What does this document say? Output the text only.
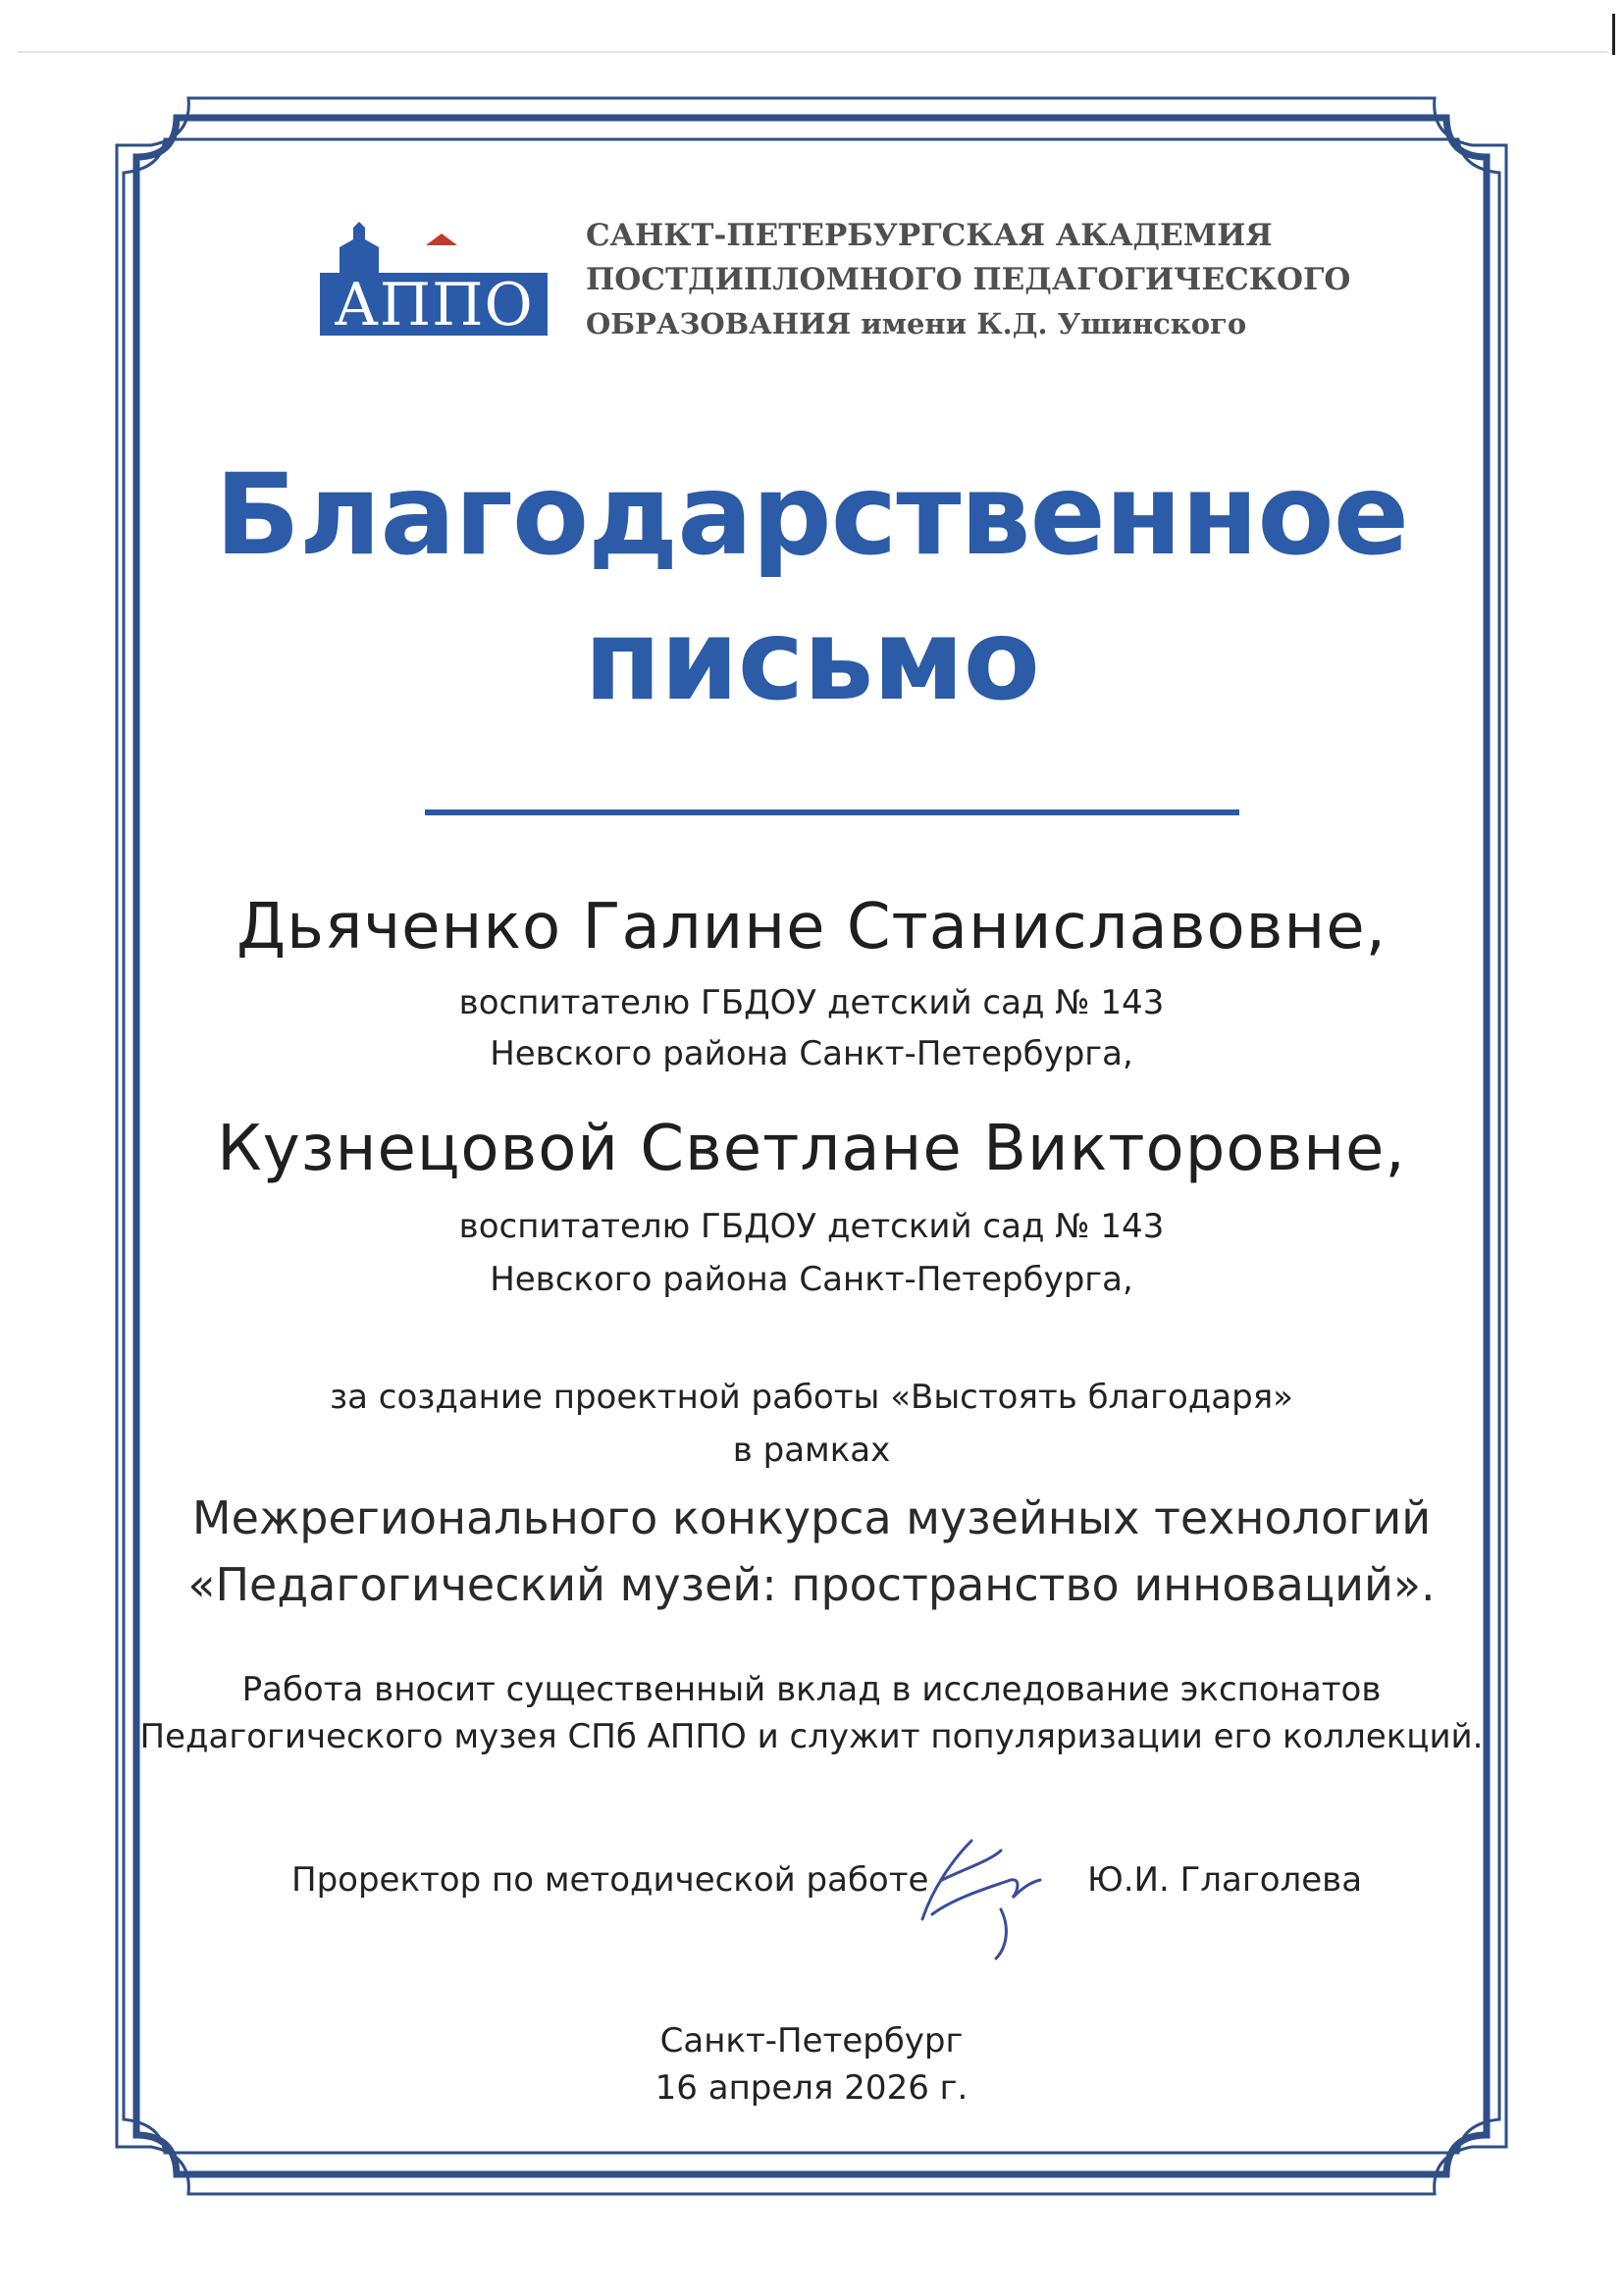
АППО
САНКТ-ПЕТЕРБУРГСКАЯ АКАДЕМИЯ
ПОСТДИПЛОМНОГО ПЕДАГОГИЧЕСКОГО
ОБРАЗОВАНИЯ имени К.Д. Ушинского
Благодарственное
письмо
Дьяченко Галине Станиславовне,
воспитателю ГБДОУ детский сад № 143
Невского района Санкт-Петербурга,
Кузнецовой Светлане Викторовне,
воспитателю ГБДОУ детский сад № 143
Невского района Санкт-Петербурга,
за создание проектной работы «Выстоять благодаря»
в рамках
Межрегионального конкурса музейных технологий
«Педагогический музей: пространство инноваций».
Работа вносит существенный вклад в исследование экспонатов
Педагогического музея СПб АППО и служит популяризации его коллекций.
Проректор по методической работе	Ю.И. Глаголева
Санкт-Петербург
16 апреля 2026 г.
